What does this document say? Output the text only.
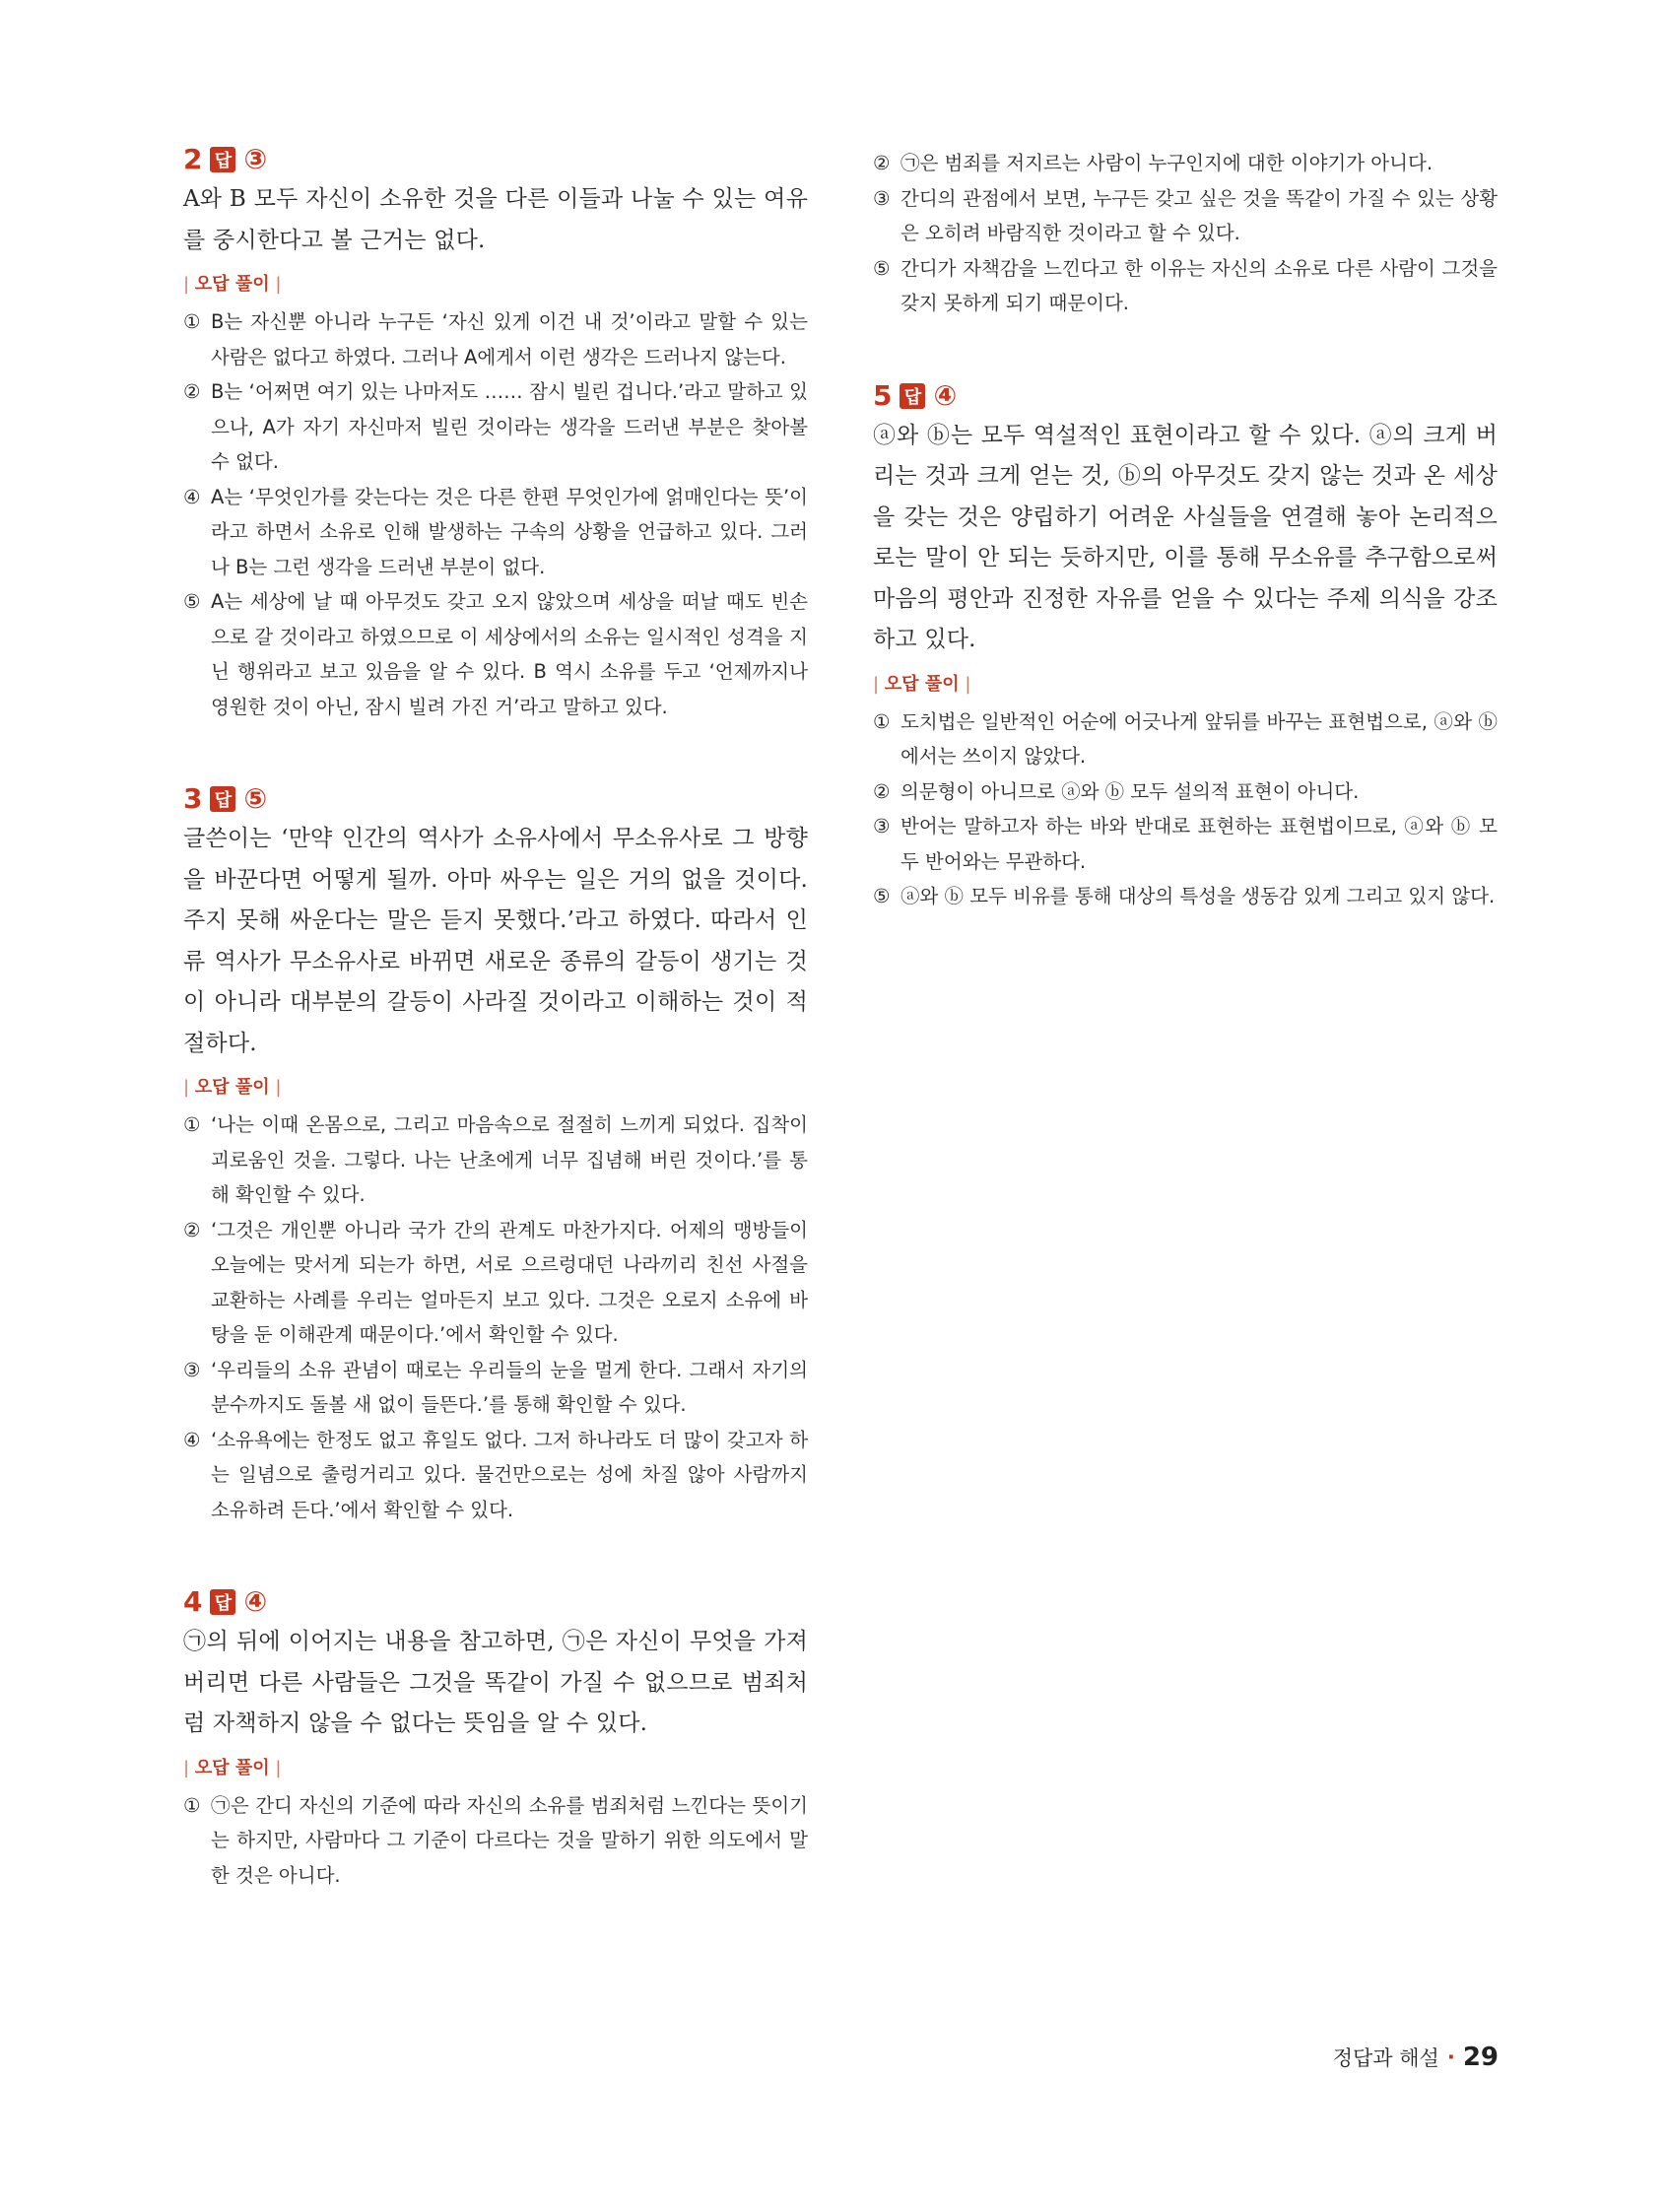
2 답 ③

A와 B 모두 자신이 소유한 것을 다른 이들과 나눌 수 있는 여유를 중시한다고 볼 근거는 없다.

| 오답 풀이 |
① B는 자신뿐 아니라 누구든 ‘자신 있게 이건 내 것’이라고 말할 수 있는 사람은 없다고 하였다. 그러나 A에게서 이런 생각은 드러나지 않는다.
② B는 ‘어쩌면 여기 있는 나마저도 …… 잠시 빌린 겁니다.’라고 말하고 있으나, A가 자기 자신마저 빌린 것이라는 생각을 드러낸 부분은 찾아볼 수 없다.
④ A는 ‘무엇인가를 갖는다는 것은 다른 한편 무엇인가에 얽매인다는 뜻’이라고 하면서 소유로 인해 발생하는 구속의 상황을 언급하고 있다. 그러나 B는 그런 생각을 드러낸 부분이 없다.
⑤ A는 세상에 날 때 아무것도 갖고 오지 않았으며 세상을 떠날 때도 빈손으로 갈 것이라고 하였으므로 이 세상에서의 소유는 일시적인 성격을 지닌 행위라고 보고 있음을 알 수 있다. B 역시 소유를 두고 ‘언제까지나 영원한 것이 아닌, 잠시 빌려 가진 거’라고 말하고 있다.
3 답 ⑤

글쓴이는 ‘만약 인간의 역사가 소유사에서 무소유사로 그 방향을 바꾼다면 어떻게 될까. 아마 싸우는 일은 거의 없을 것이다. 주지 못해 싸운다는 말은 듣지 못했다.’라고 하였다. 따라서 인류 역사가 무소유사로 바뀌면 새로운 종류의 갈등이 생기는 것이 아니라 대부분의 갈등이 사라질 것이라고 이해하는 것이 적절하다.

| 오답 풀이 |
① ‘나는 이때 온몸으로, 그리고 마음속으로 절절히 느끼게 되었다. 집착이 괴로움인 것을. 그렇다. 나는 난초에게 너무 집념해 버린 것이다.’를 통해 확인할 수 있다.
② ‘그것은 개인뿐 아니라 국가 간의 관계도 마찬가지다. 어제의 맹방들이 오늘에는 맞서게 되는가 하면, 서로 으르렁대던 나라끼리 친선 사절을 교환하는 사례를 우리는 얼마든지 보고 있다. 그것은 오로지 소유에 바탕을 둔 이해관계 때문이다.’에서 확인할 수 있다.
③ ‘우리들의 소유 관념이 때로는 우리들의 눈을 멀게 한다. 그래서 자기의 분수까지도 돌볼 새 없이 들뜬다.’를 통해 확인할 수 있다.
④ ‘소유욕에는 한정도 없고 휴일도 없다. 그저 하나라도 더 많이 갖고자 하는 일념으로 출렁거리고 있다. 물건만으로는 성에 차질 않아 사람까지 소유하려 든다.’에서 확인할 수 있다.
4 답 ④

㉠의 뒤에 이어지는 내용을 참고하면, ㉠은 자신이 무엇을 가져 버리면 다른 사람들은 그것을 똑같이 가질 수 없으므로 범죄처럼 자책하지 않을 수 없다는 뜻임을 알 수 있다.

| 오답 풀이 |
① ㉠은 간디 자신의 기준에 따라 자신의 소유를 범죄처럼 느낀다는 뜻이기는 하지만, 사람마다 그 기준이 다르다는 것을 말하기 위한 의도에서 말한 것은 아니다.
② ㉠은 범죄를 저지르는 사람이 누구인지에 대한 이야기가 아니다.
③ 간디의 관점에서 보면, 누구든 갖고 싶은 것을 똑같이 가질 수 있는 상황은 오히려 바람직한 것이라고 할 수 있다.
⑤ 간디가 자책감을 느낀다고 한 이유는 자신의 소유로 다른 사람이 그것을 갖지 못하게 되기 때문이다.
5 답 ④

ⓐ와 ⓑ는 모두 역설적인 표현이라고 할 수 있다. ⓐ의 크게 버리는 것과 크게 얻는 것, ⓑ의 아무것도 갖지 않는 것과 온 세상을 갖는 것은 양립하기 어려운 사실들을 연결해 놓아 논리적으로는 말이 안 되는 듯하지만, 이를 통해 무소유를 추구함으로써 마음의 평안과 진정한 자유를 얻을 수 있다는 주제 의식을 강조하고 있다.

| 오답 풀이 |
① 도치법은 일반적인 어순에 어긋나게 앞뒤를 바꾸는 표현법으로, ⓐ와 ⓑ에서는 쓰이지 않았다.
② 의문형이 아니므로 ⓐ와 ⓑ 모두 설의적 표현이 아니다.
③ 반어는 말하고자 하는 바와 반대로 표현하는 표현법이므로, ⓐ와 ⓑ 모두 반어와는 무관하다.
⑤ ⓐ와 ⓑ 모두 비유를 통해 대상의 특성을 생동감 있게 그리고 있지 않다.
정답과 해설 · 29
